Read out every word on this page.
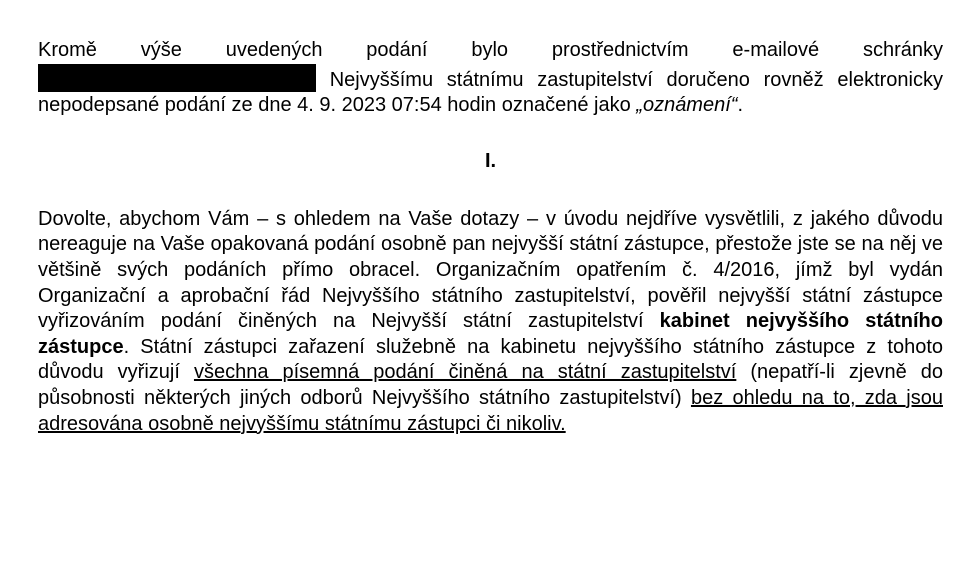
Kromě výše uvedených podání bylo prostřednictvím e-mailové schránky  Nejvyššímu státnímu zastupitelství doručeno rovněž elektronicky nepodepsané podání ze dne 4. 9. 2023 07:54 hodin označené jako „oznámení“.

I.

Dovolte, abychom Vám – s ohledem na Vaše dotazy – v úvodu nejdříve vysvětlili, z jakého důvodu nereaguje na Vaše opakovaná podání osobně pan nejvyšší státní zástupce, přestože jste se na něj ve většině svých podáních přímo obracel. Organizačním opatřením č. 4/2016, jímž byl vydán Organizační a aprobační řád Nejvyššího státního zastupitelství, pověřil nejvyšší státní zástupce vyřizováním podání činěných na Nejvyšší státní zastupitelství kabinet nejvyššího státního zástupce. Státní zástupci zařazení služebně na kabinetu nejvyššího státního zástupce z tohoto důvodu vyřizují všechna písemná podání činěná na státní zastupitelství (nepatří-li zjevně do působnosti některých jiných odborů Nejvyššího státního zastupitelství) bez ohledu na to, zda jsou adresována osobně nejvyššímu státnímu zástupci či nikoliv.
